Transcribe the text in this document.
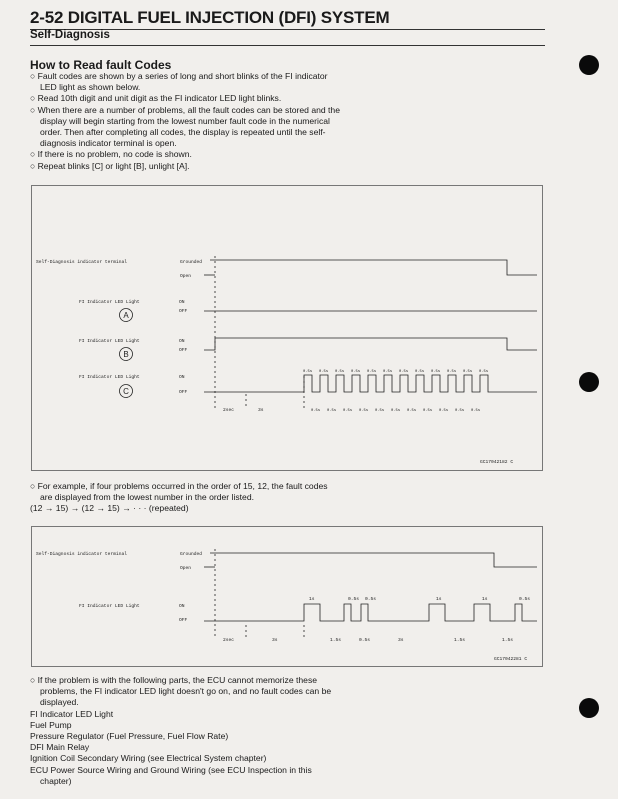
2-52 DIGITAL FUEL INJECTION (DFI) SYSTEM
Self-Diagnosis
How to Read fault Codes

○ Fault codes are shown by a series of long and short blinks of the FI indicator LED light as shown below.

○ Read 10th digit and unit digit as the FI indicator LED light blinks.

○ When there are a number of problems, all the fault codes can be stored and the display will begin starting from the lowest number fault code in the numerical order. Then after completing all codes, the display is repeated until the self-diagnosis indicator terminal is open.

○ If there is no problem, no code is shown.

○ Repeat blinks [C] or light [B], unlight [A].

Self-Diagnosis indicator terminal	Grounded
Open
FI Indicator LED Light	ON
OFF
FI Indicator LED Light	ON
OFF
FI Indicator LED Light	ON
OFF
2sec	3s
GC17042182 C
A
B
C
0.5s
0.5s
0.5s
0.5s
0.5s
0.5s
0.5s
0.5s
0.5s
0.5s
0.5s
0.5s
0.5s
0.5s
0.5s
0.5s
0.5s
0.5s
0.5s
0.5s
0.5s
0.5s
0.5s

○ For example, if four problems occurred in the order of 15, 12, the fault codes are displayed from the lowest number in the order listed.

(12 → 15) → (12 → 15) → · · · (repeated)

Self-Diagnosis indicator terminal	Grounded
Open
FI Indicator LED Light	ON
OFF
2sec	3s
1s	0.5s 0.5s	1s	1s	0.5s
1.5s	0.5s	3s	1.5s	1.5s
GC17042281 C

○ If the problem is with the following parts, the ECU cannot memorize these problems, the FI indicator LED light doesn't go on, and no fault codes can be displayed.

FI Indicator LED Light

Fuel Pump

Pressure Regulator (Fuel Pressure, Fuel Flow Rate)

DFI Main Relay

Ignition Coil Secondary Wiring (see Electrical System chapter)

ECU Power Source Wiring and Ground Wiring (see ECU Inspection in this chapter)
